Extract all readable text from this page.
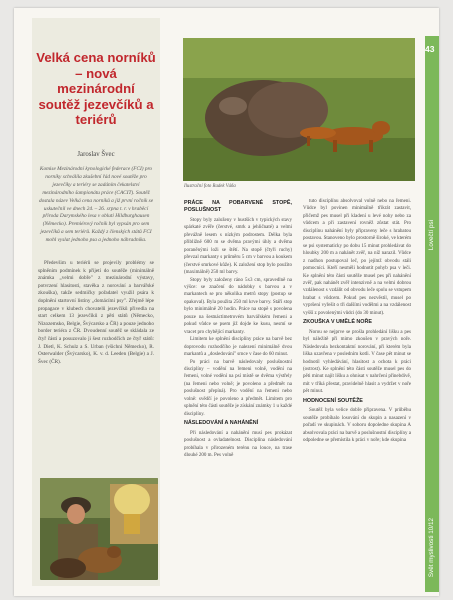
Velká cena norníků – nová mezinárodní soutěž jezevčíků a teriérů
Jaroslav Švec
Komise Mezinárodní kynologické federace (FCI) pro norníky schválila zkušební řád nové soutěže pro jezevčíky a teriéry se zadáním čekatelství mezinárodního šampionátu práce (CACIT). Soutěž dostala název Velká cena norníků a již první ročník se uskutečnil ve dnech 24. – 26. srpna t. r. v hraběcí příroda Darymského lesa v obluti Hildburghausen (Německo). Premiérový ročník byl vypsán pro sem jezevčíků a sem teriérů. Každý z členských států FCI mohl vyslat jednoho psa a jednoho náhradníka.

Předevšim u teriérů se projevily problémy se splněním podmínek k přijetí do soutěže (minimálně známka „velmi dobře" z mezinárodní výstavy, potvrzení hlasitosti, stavěka z norování a barvářské zkouška), takže sedmičky pořadatel využil psára k doplnění startovní listiny „domácími psy". Zřejmě lépe propagace v klubech chovatelů jezevčíků přivedla na start celkem 13 jezevčíků z pěti států (Německo, Nizozemsko, Belgie, Švýcarsko a ČR) a pouze jednoho border teriéra z ČR. Dvoudenní soutěž se skládala ze čtyř částí a posuzovalo ji šest rozhodčích ze čtyř států: J. Dietl, K. Schulz a S. Urban (všichni Německo), R. Osterwalder (Švýcarsko), K. v. d. Leeden (Belgie) a J. Švec (ČR).

Ilustrační foto Radek Váňa
43
Lovečtí psi
Svět myslivosti 10/12
PRÁCE NA POBARVENÉ STOPĚ, POSLUŠNOST

Stopy byly založeny v hustších v typických stavy spárkaté zvěře (čerstvé, smrk a jehličnaté) a velmi převážně lesem s nízkým podrostem. Délka byla přibližně 600 m se dvěma pravými úhly a dvěma poraněnými loži se štětí. Na stopě (čtyři ruchy) převzal markanty s průměru 5 cm v barvou a koukem (čerstvé smrkové kůže). K založení stop bylo použito (maximálně) 250 ml barvy.

Stopy byly založeny ráno 5x3 cm, spravedlně na výšce: se značení do nádobky s barvou a v markantech se pro několika metrů stopy (postup se opakoval). Byla použita 250 ml krve barvy. Stáří stop bylo minimálně 20 hodin. Práce na stopě s povolena pouze na šestnáctimetrovém barvářském řemeni a pokud vůdce se psem již dojde ke kusu, nesmí se vracet pro chybějící markanty.

Limitem ke splnění disciplíny práce na barvě bez doprovodu rozhodčího je nalezení minimálně dvou markantů a „dosledování" srnce v čase do 60 minut.

Po práci na barvě následovaly poslušnostní disciplíny – vodění na řemeni volně, vodění na řemeni, volné vodění na psí místě se dvěma výstřely (na řemeni nebo volně; je povoleno a předmět na poslušnost přepíná). Pro vodění na řemeni nebo volně: svědčí je povoleno a předmět. Limitem pro splnění této části soutěže je získání známky 1 u každé disciplíny.

NÁSLEDOVÁNÍ A NAHÁNĚNÍ

Při následování a nahánění musí pes prokázat poslušnost a ovladatelnost. Disciplína následování probíhala v přirozeném terénu na louce, na trase dlouhé 200 m. Pes volně

tuto disciplínu absolvoval volně nebo na řemeni. Vůdce byl povinen minimálně třikrát zastavit, přičemž pes musel při kladení u levé nohy nebo za vůdcem a při zastavení rovněž zůstat stát. Pro disciplínu nahánění byly připraveny leče s hrabatou postavou. Stanoveno bylo prostorně široké, ve kterém se psi systematicky po dobu 15 minut prohledávat do hloubky 200 m a nahánět zvěř, na níž narazil. Vůdce z nadhon postupoval leč, po jejímž obvodu stáli pomocníci. Kteří nesměli hodnotit pohyb psa v leči. Ke splnění této části soutěže musel pes při nahánění zvěř, pak nahánět zvěř intenzivně a na velmi dobrou vzdálenost s vzdálit od obvodu leče spolu se vstupem hrabat s vůdcem. Pokud pes nezvěstil, musel po vypršení vyřešit o tři dalšími vodělmi a na vzdálenost vyšší z povolenými vůdci (do 30 minut).

ZKOUŠKA V UMĚLÉ NOŘE

Norou se nejprve se prošla prohledání lišku a pes byl náležitě při mimo zkoušen v pravých noře. Následovala bezkontaktní norování, při kterém byla liška uzavřena v posledním kotli. V čase pět minut se hodnotil vyhledávání, hlasitost a ochota k práci (ostrost). Ke splnění této části soutěže musel pes do pěti minut najít lišku a ohnisat v nahrčení přinebdivě, mít v tříká přestat, pravidelně hlasit a vydržet v noře pět minut.

HODNOCENÍ SOUTĚŽE

Soutěž byla velice dobře připravena. V průběhu soutěže probíhalo losování do skupin a nasazení v pořadí ve skupinách. V soboru dopoledne skupina A absolvovala práci na barvě a poslušnostní disciplíny a odpoledne se přemístila k práci v noře; kde skupina
